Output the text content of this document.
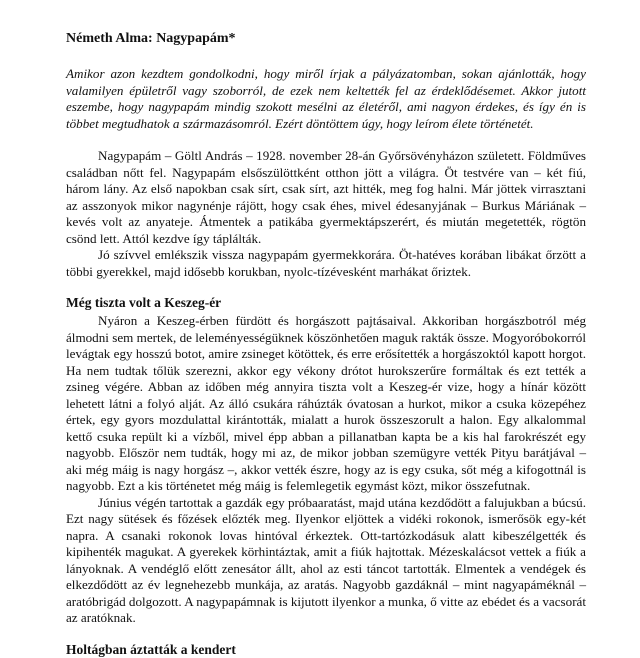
Németh Alma: Nagypapám*
Amikor azon kezdtem gondolkodni, hogy miről írjak a pályázatomban, sokan ajánlották, hogy valamilyen épületről vagy szoborról, de ezek nem keltették fel az érdeklődésemet. Akkor jutott eszembe, hogy nagypapám mindig szokott mesélni az életéről, ami nagyon érdekes, és így én is többet megtudhatok a származásomról. Ezért döntöttem úgy, hogy leírom élete történetét.

Nagypapám – Göltl András – 1928. november 28-án Győrsövényházon született. Földműves családban nőtt fel. Nagypapám elsőszülöttként otthon jött a világra. Öt testvére van – két fiú, három lány. Az első napokban csak sírt, csak sírt, azt hitték, meg fog halni. Már jöttek virrasztani az asszonyok mikor nagynénje rájött, hogy csak éhes, mivel édesanyjának – Burkus Máriának – kevés volt az anyateje. Átmentek a patikába gyermektápszerért, és miután megetették, rögtön csönd lett. Attól kezdve így táplálták.

Jó szívvel emlékszik vissza nagypapám gyermekkorára. Öt-hatéves korában libákat őrzött a többi gyerekkel, majd idősebb korukban, nyolc-tízévesként marhákat őriztek.

Még tiszta volt a Keszeg-ér

Nyáron a Keszeg-érben fürdött és horgászott pajtásaival. Akkoriban horgászbotról még álmodni sem mertek, de leleményességüknek köszönhetően maguk rakták össze. Mogyoróbokorról levágtak egy hosszú botot, amire zsineget kötöttek, és erre erősítették a horgászoktól kapott horgot. Ha nem tudtak tőlük szerezni, akkor egy vékony drótot hurokszerűre formáltak és ezt tették a zsineg végére. Abban az időben még annyira tiszta volt a Keszeg-ér vize, hogy a hínár között lehetett látni a folyó alját. Az álló csukára ráhúzták óvatosan a hurkot, mikor a csuka közepéhez értek, egy gyors mozdulattal kirántották, mialatt a hurok összeszorult a halon. Egy alkalommal kettő csuka repült ki a vízből, mivel épp abban a pillanatban kapta be a kis hal farokrészét egy nagyobb. Először nem tudták, hogy mi az, de mikor jobban szemügyre vették Pityu barátjával – aki még máig is nagy horgász –, akkor vették észre, hogy az is egy csuka, sőt még a kifogottnál is nagyobb. Ezt a kis történetet még máig is felemlegetik egymást közt, mikor összefutnak.

Június végén tartottak a gazdák egy próbaaratást, majd utána kezdődött a falujukban a búcsú. Ezt nagy sütések és főzések előzték meg. Ilyenkor eljöttek a vidéki rokonok, ismerősök egy-két napra. A csanaki rokonok lovas hintóval érkeztek. Ott-tartózkodásuk alatt kibeszélgették és kipihenték magukat. A gyerekek körhintáztak, amit a fiúk hajtottak. Mézeskalácsot vettek a fiúk a lányoknak. A vendéglő előtt zenesátor állt, ahol az esti táncot tartották. Elmentek a vendégek és elkezdődött az év legnehezebb munkája, az aratás. Nagyobb gazdáknál – mint nagyapáméknál – aratóbrigád dolgozott. A nagypapámnak is kijutott ilyenkor a munka, ő vitte az ebédet és a vacsorát az aratóknak.

Holtágban áztatták a kendert
